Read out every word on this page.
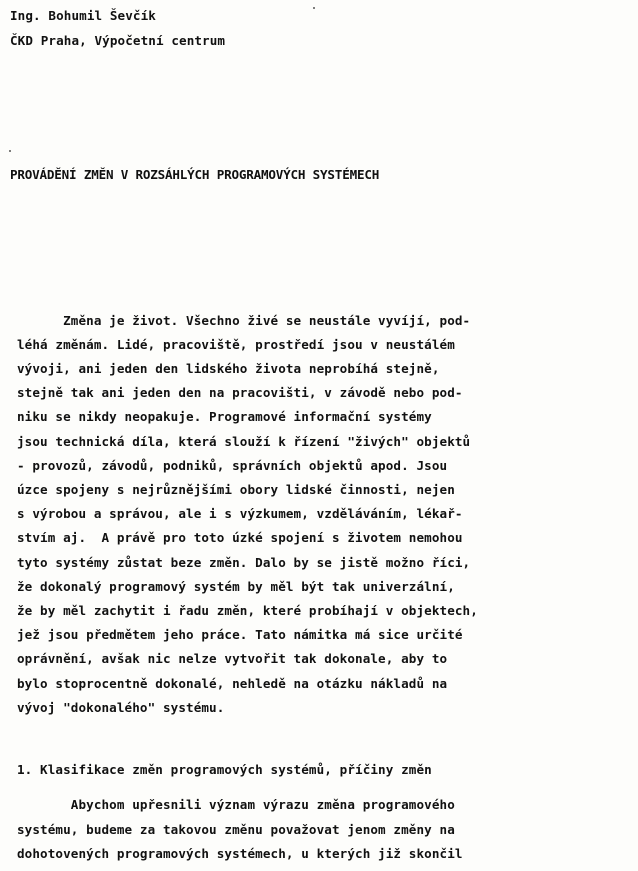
Ing. Bohumil Ševčík
ČKD Praha, Výpočetní centrum
PROVÁDĚNÍ ZMĚN V ROZSÁHLÝCH PROGRAMOVÝCH SYSTÉMECH
Změna je život. Všechno živé se neustále vyvíjí, pod-
léhá změnám. Lidé, pracoviště, prostředí jsou v neustálém
vývoji, ani jeden den lidského života neprobíhá stejně,
stejně tak ani jeden den na pracovišti, v závodě nebo pod-
niku se nikdy neopakuje. Programové informační systémy
jsou technická díla, která slouží k řízení "živých" objektů
- provozů, závodů, podniků, správních objektů apod. Jsou
úzce spojeny s nejrůznějšími obory lidské činnosti, nejen
s výrobou a správou, ale i s výzkumem, vzděláváním, lékař-
stvím aj.  A právě pro toto úzké spojení s životem nemohou
tyto systémy zůstat beze změn. Dalo by se jistě možno říci,
že dokonalý programový systém by měl být tak univerzální,
že by měl zachytit i řadu změn, které probíhají v objektech,
jež jsou předmětem jeho práce. Tato námitka má sice určité
oprávnění, avšak nic nelze vytvořit tak dokonale, aby to
bylo stoprocentně dokonalé, nehledě na otázku nákladů na
vývoj "dokonalého" systému.
1. Klasifikace změn programových systémů, příčiny změn
Abychom upřesnili význam výrazu změna programového
systému, budeme za takovou změnu považovat jenom změny na
dohotovených programových systémech, u kterých již skončil
